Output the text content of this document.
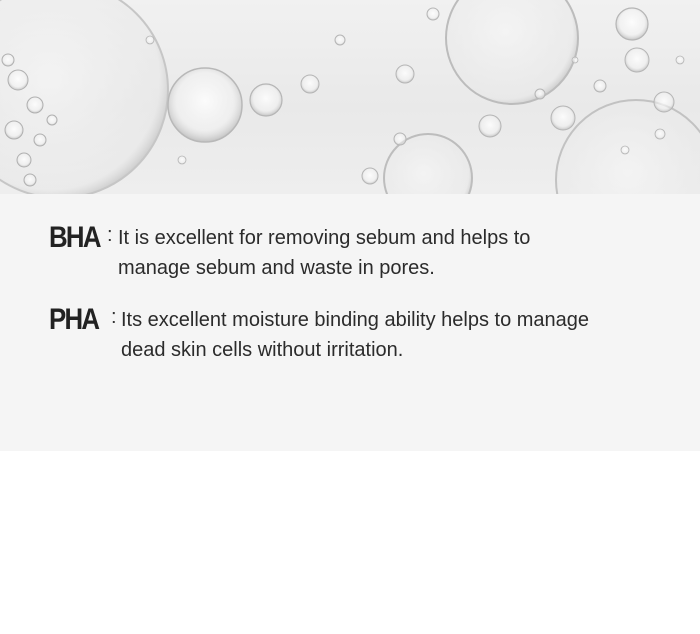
BHA : It is excellent for removing sebum and helps to
manage sebum and waste in pores.

PHA : Its excellent moisture binding ability helps to manage
dead skin cells without irritation.
